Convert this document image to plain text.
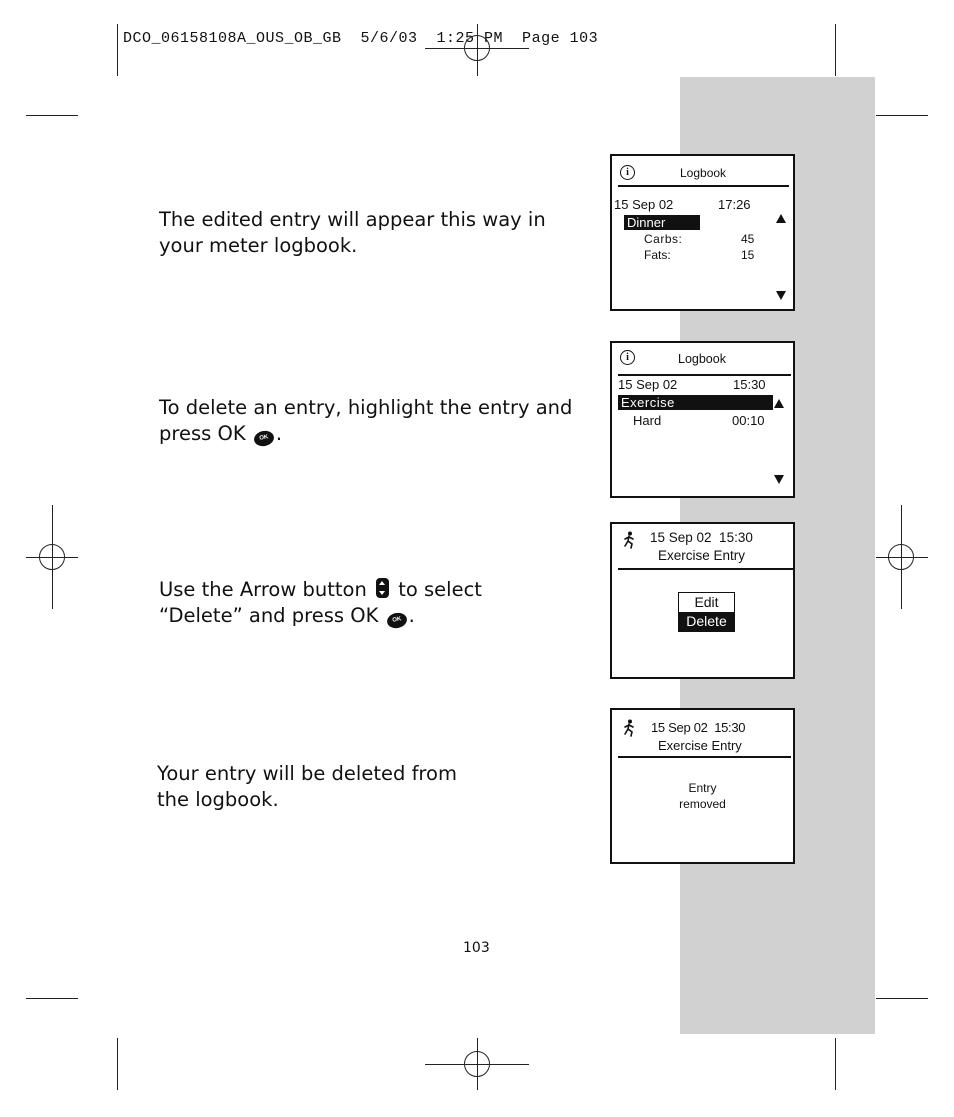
DCO_06158108A_OUS_OB_GB  5/6/03  1:25 PM  Page 103
The edited entry will appear this way in
your meter logbook.
i	Logbook
15 Sep 02	17:26
Dinner
Carbs:	45
Fats:	15
To delete an entry, highlight the entry and
press OK OK .
i	Logbook
15 Sep 02	15:30
Exercise
Hard	00:10
Use the Arrow button to select
“Delete” and press OK OK .
15 Sep 02  15:30
Exercise Entry
Edit
Delete
Your entry will be deleted from
the logbook.
15 Sep 02  15:30
Exercise Entry
Entry
removed
103
